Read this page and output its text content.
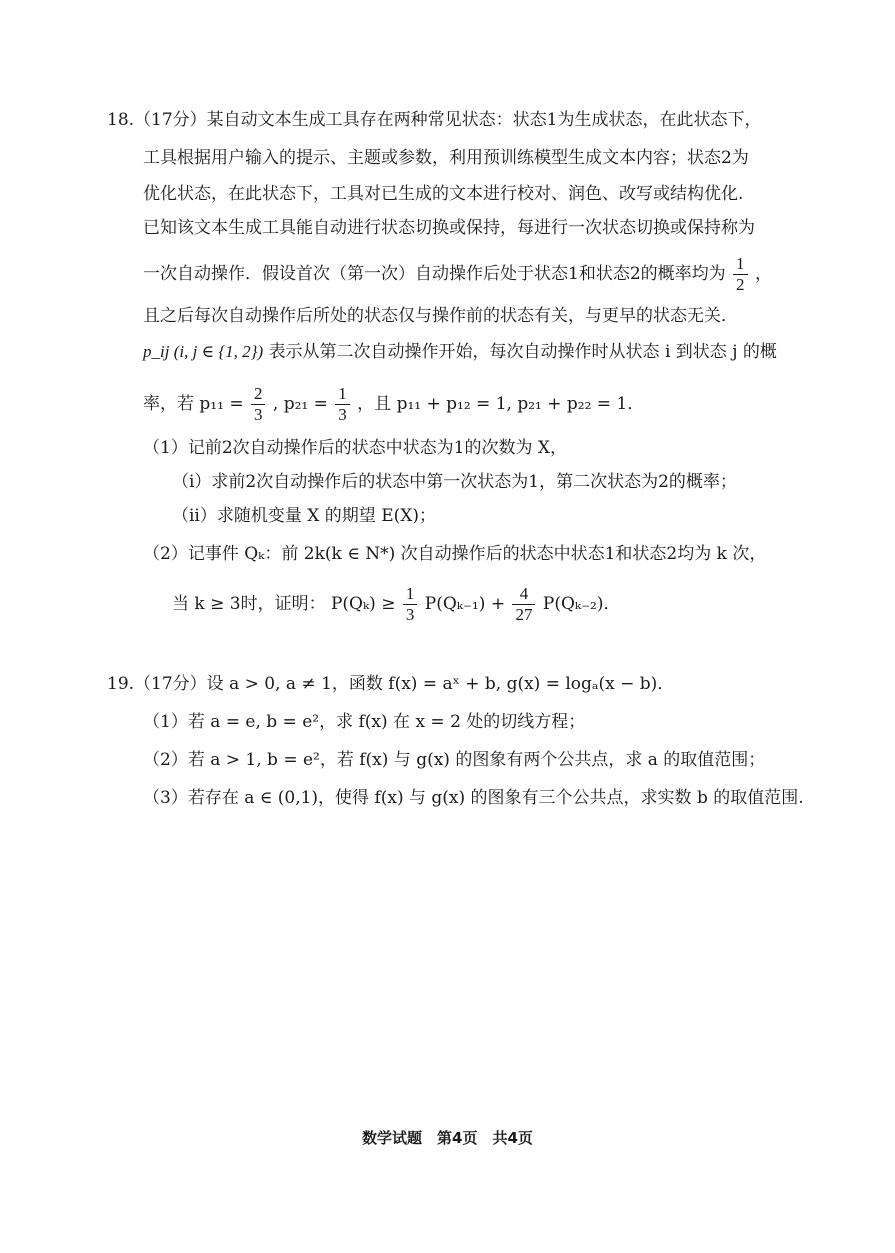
18.（17分）某自动文本生成工具存在两种常见状态：状态1为生成状态，在此状态下，
工具根据用户输入的提示、主题或参数，利用预训练模型生成文本内容；状态2为
优化状态，在此状态下，工具对已生成的文本进行校对、润色、改写或结构优化.
已知该文本生成工具能自动进行状态切换或保持，每进行一次状态切换或保持称为
一次自动操作．假设首次（第一次）自动操作后处于状态1和状态2的概率均为 $\frac{1}{2}$ ，
且之后每次自动操作后所处的状态仅与操作前的状态有关，与更早的状态无关．
p_ij (i, j ∈ {1, 2}) 表示从第二次自动操作开始，每次自动操作时从状态 i 到状态 j 的概
率，若 $p_{11} = \frac{2}{3}$ , $p_{21} = \frac{1}{3}$ ，且 p₁₁ + p₁₂ = 1, p₂₁ + p₂₂ = 1．
（1）记前2次自动操作后的状态中状态为1的次数为 X，
（i）求前2次自动操作后的状态中第一次状态为1，第二次状态为2的概率；
（ii）求随机变量 X 的期望 E(X)；
（2）记事件 Qₖ：前 2k(k ∈ N*) 次自动操作后的状态中状态1和状态2均为 k 次，
当 k ≥ 3时，证明： $P(Q_k) \ge \frac{1}{3} P(Q_{k-1}) + \frac{4}{27} P(Q_{k-2})$．
19.（17分）设 a > 0, a ≠ 1，函数 f(x) = aˣ + b, g(x) = logₐ(x − b)．
（1）若 a = e, b = e²，求 f(x) 在 x = 2 处的切线方程；
（2）若 a > 1, b = e²，若 f(x) 与 g(x) 的图象有两个公共点，求 a 的取值范围；
（3）若存在 a ∈ (0,1)，使得 f(x) 与 g(x) 的图象有三个公共点，求实数 b 的取值范围.
数学试题　第4页　共4页
